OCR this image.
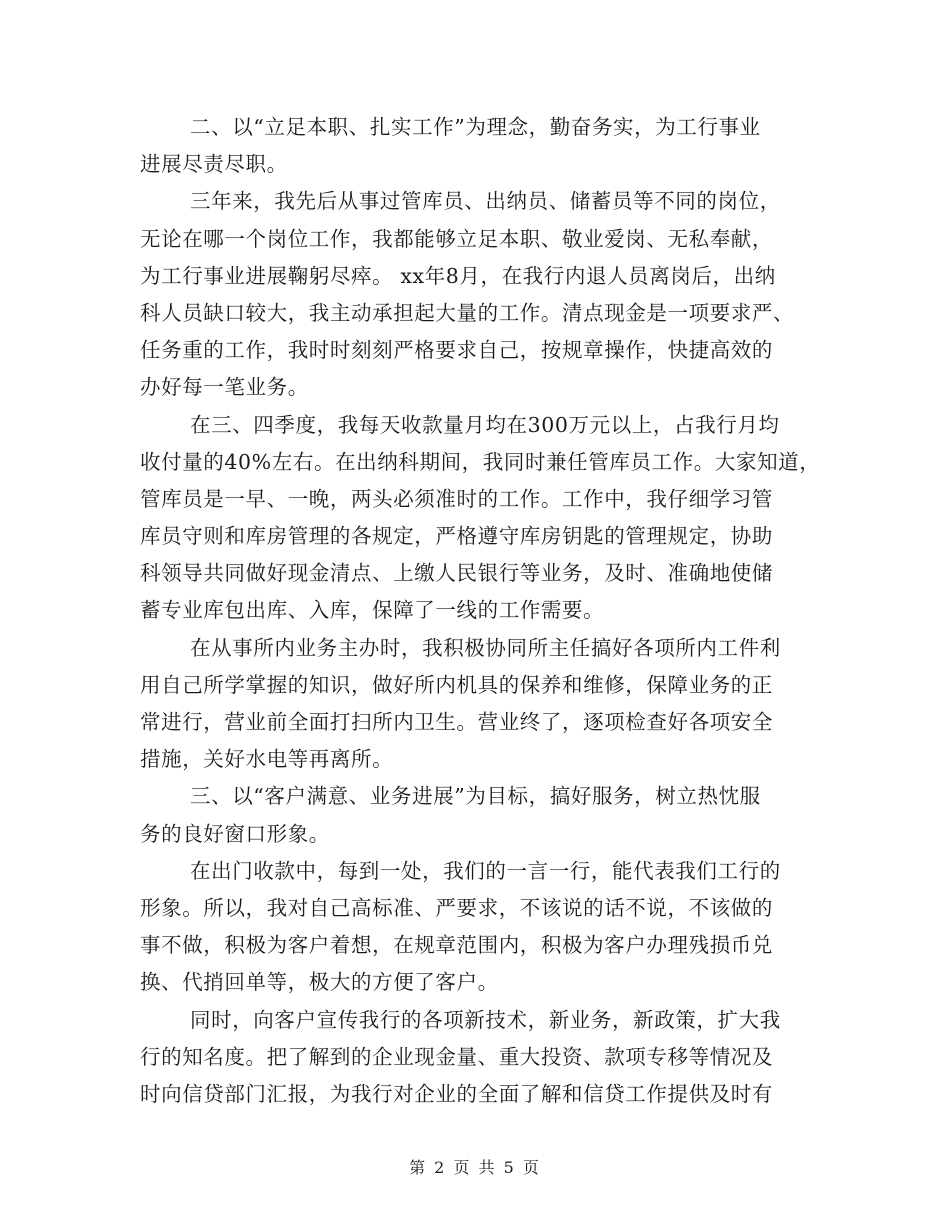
二、以“立足本职、扎实工作”为理念，勤奋务实，为工行事业
进展尽责尽职。
三年来，我先后从事过管库员、出纳员、储蓄员等不同的岗位，
无论在哪一个岗位工作，我都能够立足本职、敬业爱岗、无私奉献，
为工行事业进展鞠躬尽瘁。 xx年8月，在我行内退人员离岗后，出纳
科人员缺口较大，我主动承担起大量的工作。清点现金是一项要求严、
任务重的工作，我时时刻刻严格要求自己，按规章操作，快捷高效的
办好每一笔业务。
在三、四季度，我每天收款量月均在300万元以上，占我行月均
收付量的40%左右。在出纳科期间，我同时兼任管库员工作。大家知道，
管库员是一早、一晚，两头必须准时的工作。工作中，我仔细学习管
库员守则和库房管理的各规定，严格遵守库房钥匙的管理规定，协助
科领导共同做好现金清点、上缴人民银行等业务，及时、准确地使储
蓄专业库包出库、入库，保障了一线的工作需要。
在从事所内业务主办时，我积极协同所主任搞好各项所内工件利
用自己所学掌握的知识，做好所内机具的保养和维修，保障业务的正
常进行，营业前全面打扫所内卫生。营业终了，逐项检查好各项安全
措施，关好水电等再离所。
三、以“客户满意、业务进展”为目标，搞好服务，树立热忱服
务的良好窗口形象。
在出门收款中，每到一处，我们的一言一行，能代表我们工行的
形象。所以，我对自己高标准、严要求，不该说的话不说，不该做的
事不做，积极为客户着想，在规章范围内，积极为客户办理残损币兑
换、代捎回单等，极大的方便了客户。
同时，向客户宣传我行的各项新技术，新业务，新政策，扩大我
行的知名度。把了解到的企业现金量、重大投资、款项专移等情况及
时向信贷部门汇报，为我行对企业的全面了解和信贷工作提供及时有
第 2 页 共 5 页
